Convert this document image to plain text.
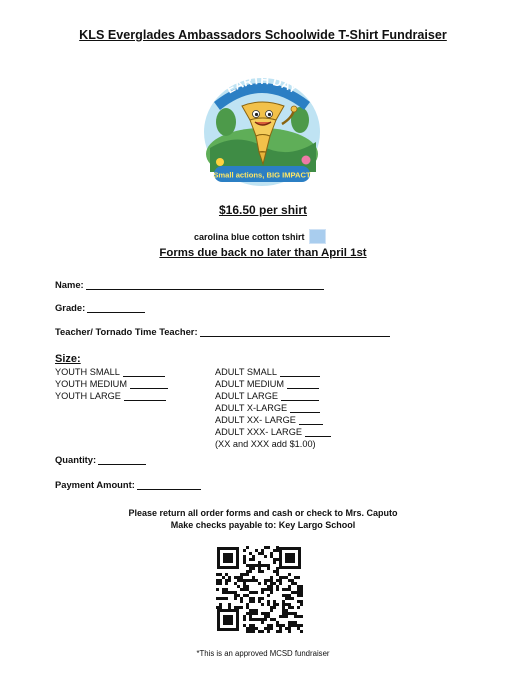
KLS Everglades Ambassadors Schoolwide T-Shirt Fundraiser
EARTH DAY
Small actions, BIG IMPACT
$16.50 per shirt
carolina blue cotton tshirt
Forms due back no later than April 1st
Name:
Grade:
Teacher/ Tornado Time Teacher:
Size:
YOUTH SMALL
YOUTH MEDIUM
YOUTH LARGE
ADULT SMALL
ADULT MEDIUM
ADULT LARGE
ADULT X-LARGE
ADULT XX- LARGE
ADULT XXX- LARGE
(XX and XXX add $1.00)
Quantity:
Payment Amount:
Please return all order forms and cash or check to Mrs. Caputo
Make checks payable to: Key Largo School
*This is an approved MCSD fundraiser
